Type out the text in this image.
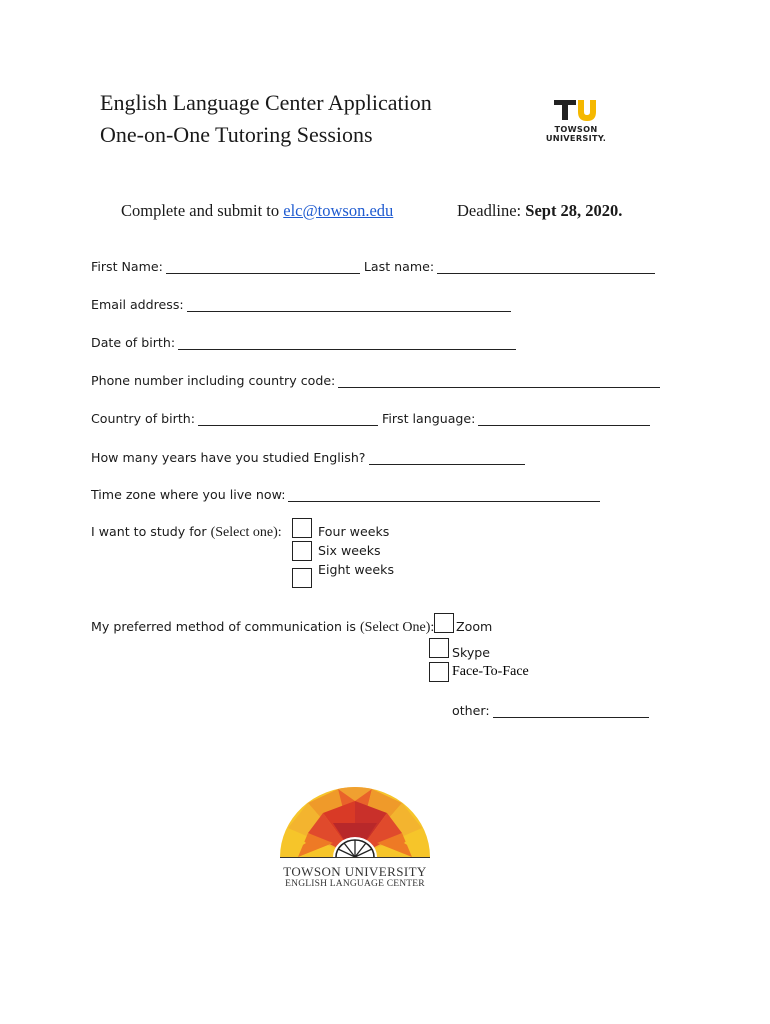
English Language Center Application
One-on-One Tutoring Sessions	TOWSON
UNIVERSITY.
Complete and submit to elc@towson.edu	Deadline: Sept 28, 2020.
First Name:	Last name:
Email address:
Date of birth:
Phone number including country code:
Country of birth:	First language:
How many years have you studied English?
Time zone where you live now:
I want to study for (Select one):	Four weeks
Six weeks
Eight weeks
My preferred method of communication is (Select One): Zoom
Skype
Face-To-Face
other:
TOWSON UNIVERSITY
ENGLISH LANGUAGE CENTER
